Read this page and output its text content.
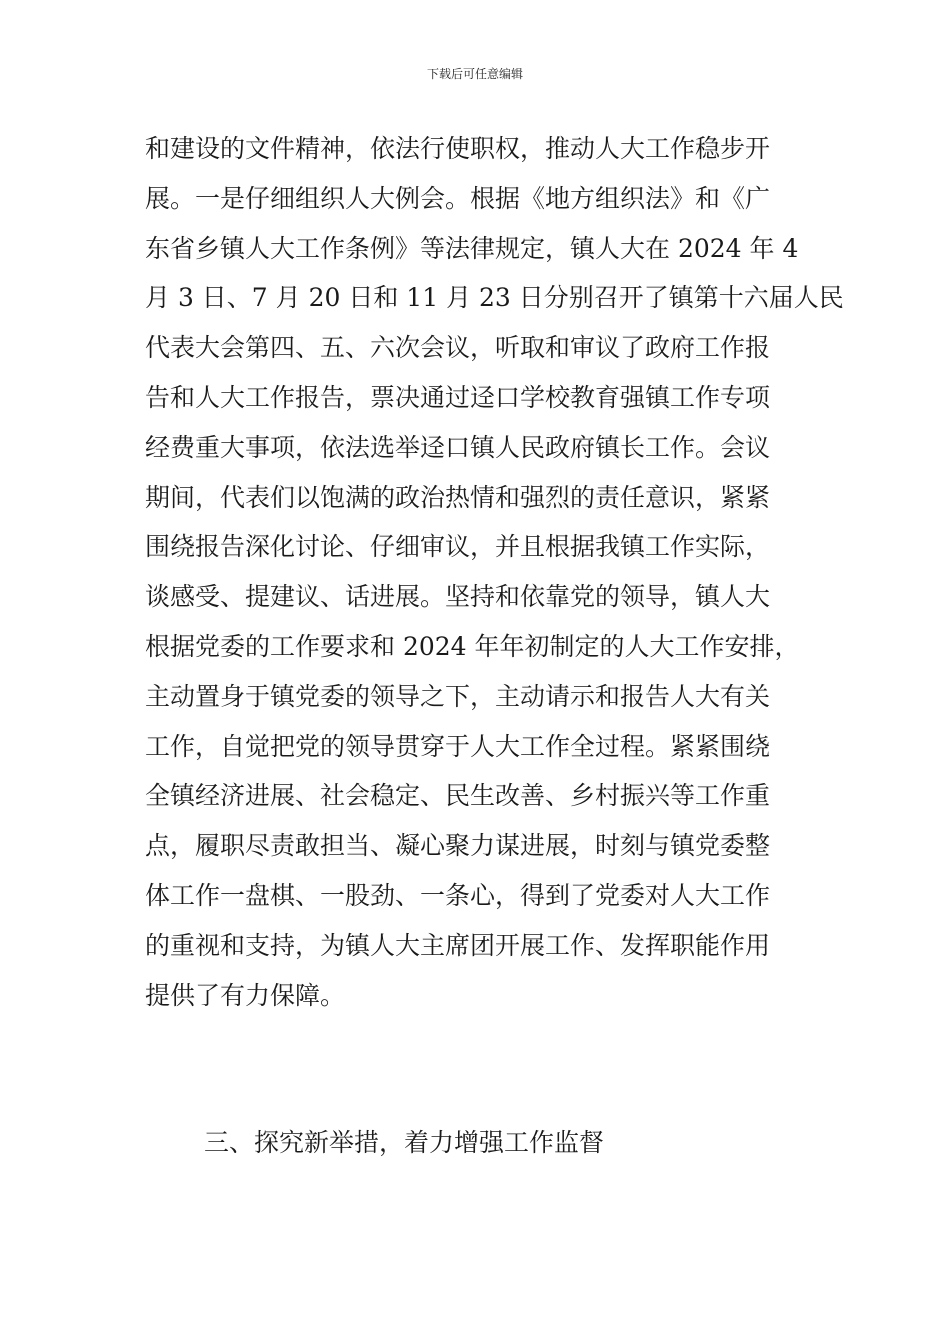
下载后可任意编辑
和建设的文件精神，依法行使职权，推动人大工作稳步开
展。一是仔细组织人大例会。根据《地方组织法》和《广
东省乡镇人大工作条例》等法律规定，镇人大在 2024 年 4
月 3 日、7 月 20 日和 11 月 23 日分别召开了镇第十六届人民
代表大会第四、五、六次会议，听取和审议了政府工作报
告和人大工作报告，票决通过迳口学校教育强镇工作专项
经费重大事项，依法选举迳口镇人民政府镇长工作。会议
期间，代表们以饱满的政治热情和强烈的责任意识，紧紧
围绕报告深化讨论、仔细审议，并且根据我镇工作实际，
谈感受、提建议、话进展。坚持和依靠党的领导，镇人大
根据党委的工作要求和 2024 年年初制定的人大工作安排，
主动置身于镇党委的领导之下，主动请示和报告人大有关
工作，自觉把党的领导贯穿于人大工作全过程。紧紧围绕
全镇经济进展、社会稳定、民生改善、乡村振兴等工作重
点，履职尽责敢担当、凝心聚力谋进展，时刻与镇党委整
体工作一盘棋、一股劲、一条心，得到了党委对人大工作
的重视和支持，为镇人大主席团开展工作、发挥职能作用
提供了有力保障。
三、探究新举措，着力增强工作监督
